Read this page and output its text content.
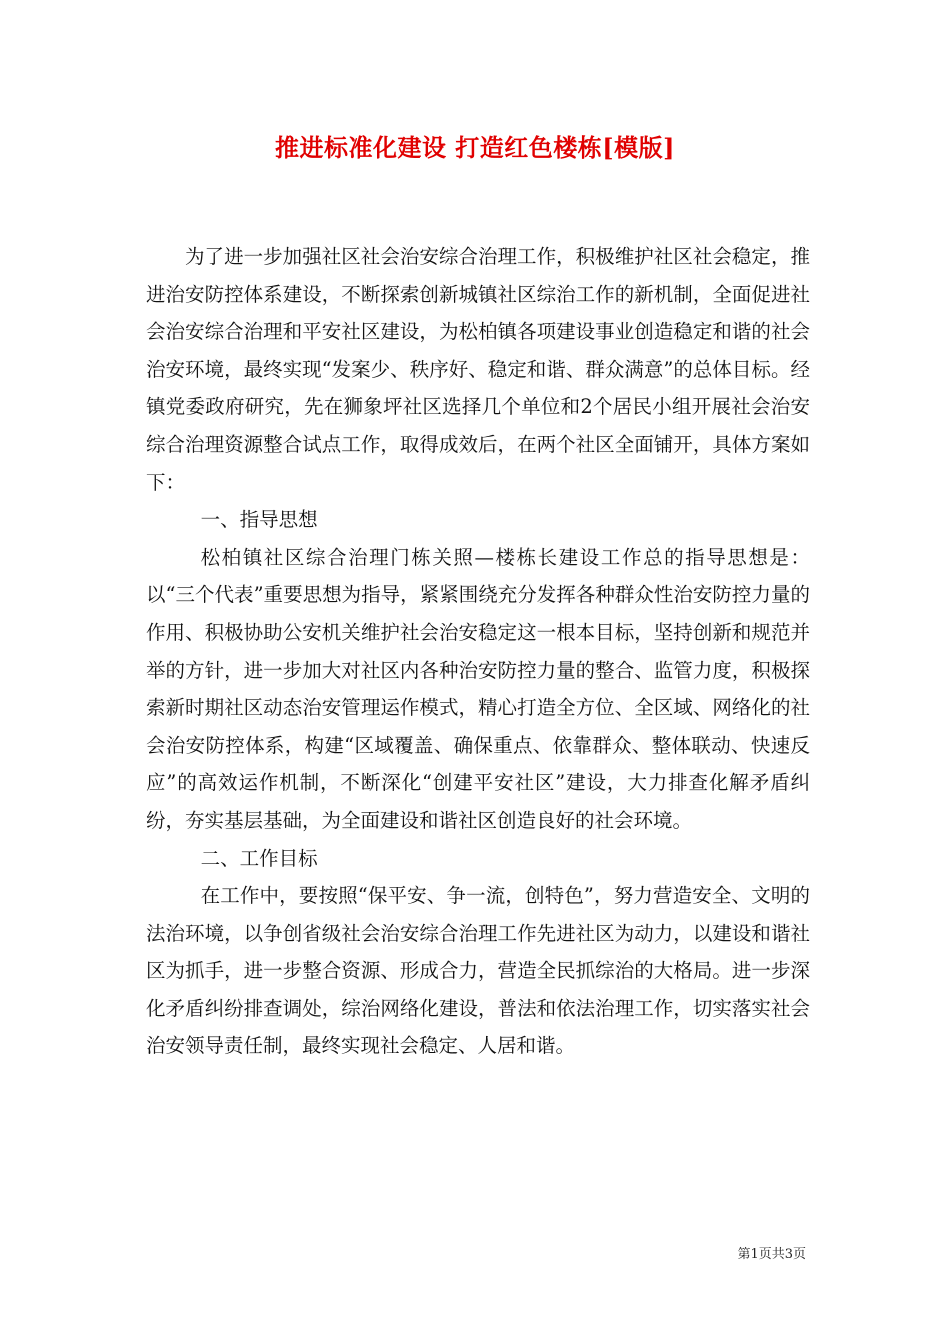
推进标准化建设 打造红色楼栋[模版]

为了进一步加强社区社会治安综合治理工作，积极维护社区社会稳定，推进治安防控体系建设，不断探索创新城镇社区综治工作的新机制，全面促进社会治安综合治理和平安社区建设，为松柏镇各项建设事业创造稳定和谐的社会治安环境，最终实现“发案少、秩序好、稳定和谐、群众满意”的总体目标。经镇党委政府研究，先在狮象坪社区选择几个单位和2个居民小组开展社会治安综合治理资源整合试点工作，取得成效后，在两个社区全面铺开，具体方案如下：

一、指导思想

松柏镇社区综合治理门栋关照—楼栋长建设工作总的指导思想是：以“三个代表”重要思想为指导，紧紧围绕充分发挥各种群众性治安防控力量的作用、积极协助公安机关维护社会治安稳定这一根本目标，坚持创新和规范并举的方针，进一步加大对社区内各种治安防控力量的整合、监管力度，积极探索新时期社区动态治安管理运作模式，精心打造全方位、全区域、网络化的社会治安防控体系，构建“区域覆盖、确保重点、依靠群众、整体联动、快速反应”的高效运作机制，不断深化“创建平安社区”建设，大力排查化解矛盾纠纷，夯实基层基础，为全面建设和谐社区创造良好的社会环境。

二、工作目标

在工作中，要按照“保平安、争一流，创特色”，努力营造安全、文明的法治环境，以争创省级社会治安综合治理工作先进社区为动力，以建设和谐社区为抓手，进一步整合资源、形成合力，营造全民抓综治的大格局。进一步深化矛盾纠纷排查调处，综治网络化建设，普法和依法治理工作，切实落实社会治安领导责任制，最终实现社会稳定、人居和谐。

第1页共3页
